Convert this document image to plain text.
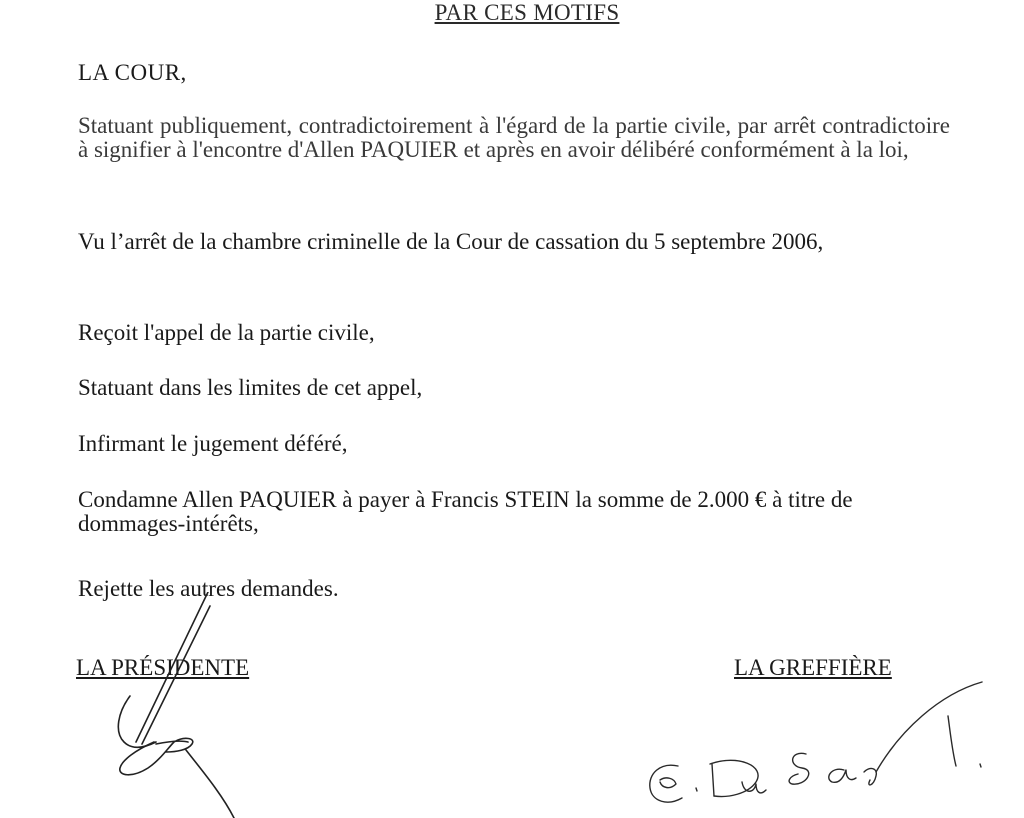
PAR CES MOTIFS

LA COUR,

Statuant publiquement, contradictoirement à l'égard de la partie civile, par arrêt contradictoire à signifier à l'encontre d'Allen PAQUIER et après en avoir délibéré conformément à la loi,

Vu l’arrêt de la chambre criminelle de la Cour de cassation du 5 septembre 2006,

Reçoit l'appel de la partie civile,

Statuant dans les limites de cet appel,

Infirmant le jugement déféré,

Condamne Allen PAQUIER à payer à Francis STEIN la somme de 2.000 € à titre de dommages-intérêts,

Rejette les autres demandes.

LA PRÉSIDENTE	LA GREFFIÈRE
